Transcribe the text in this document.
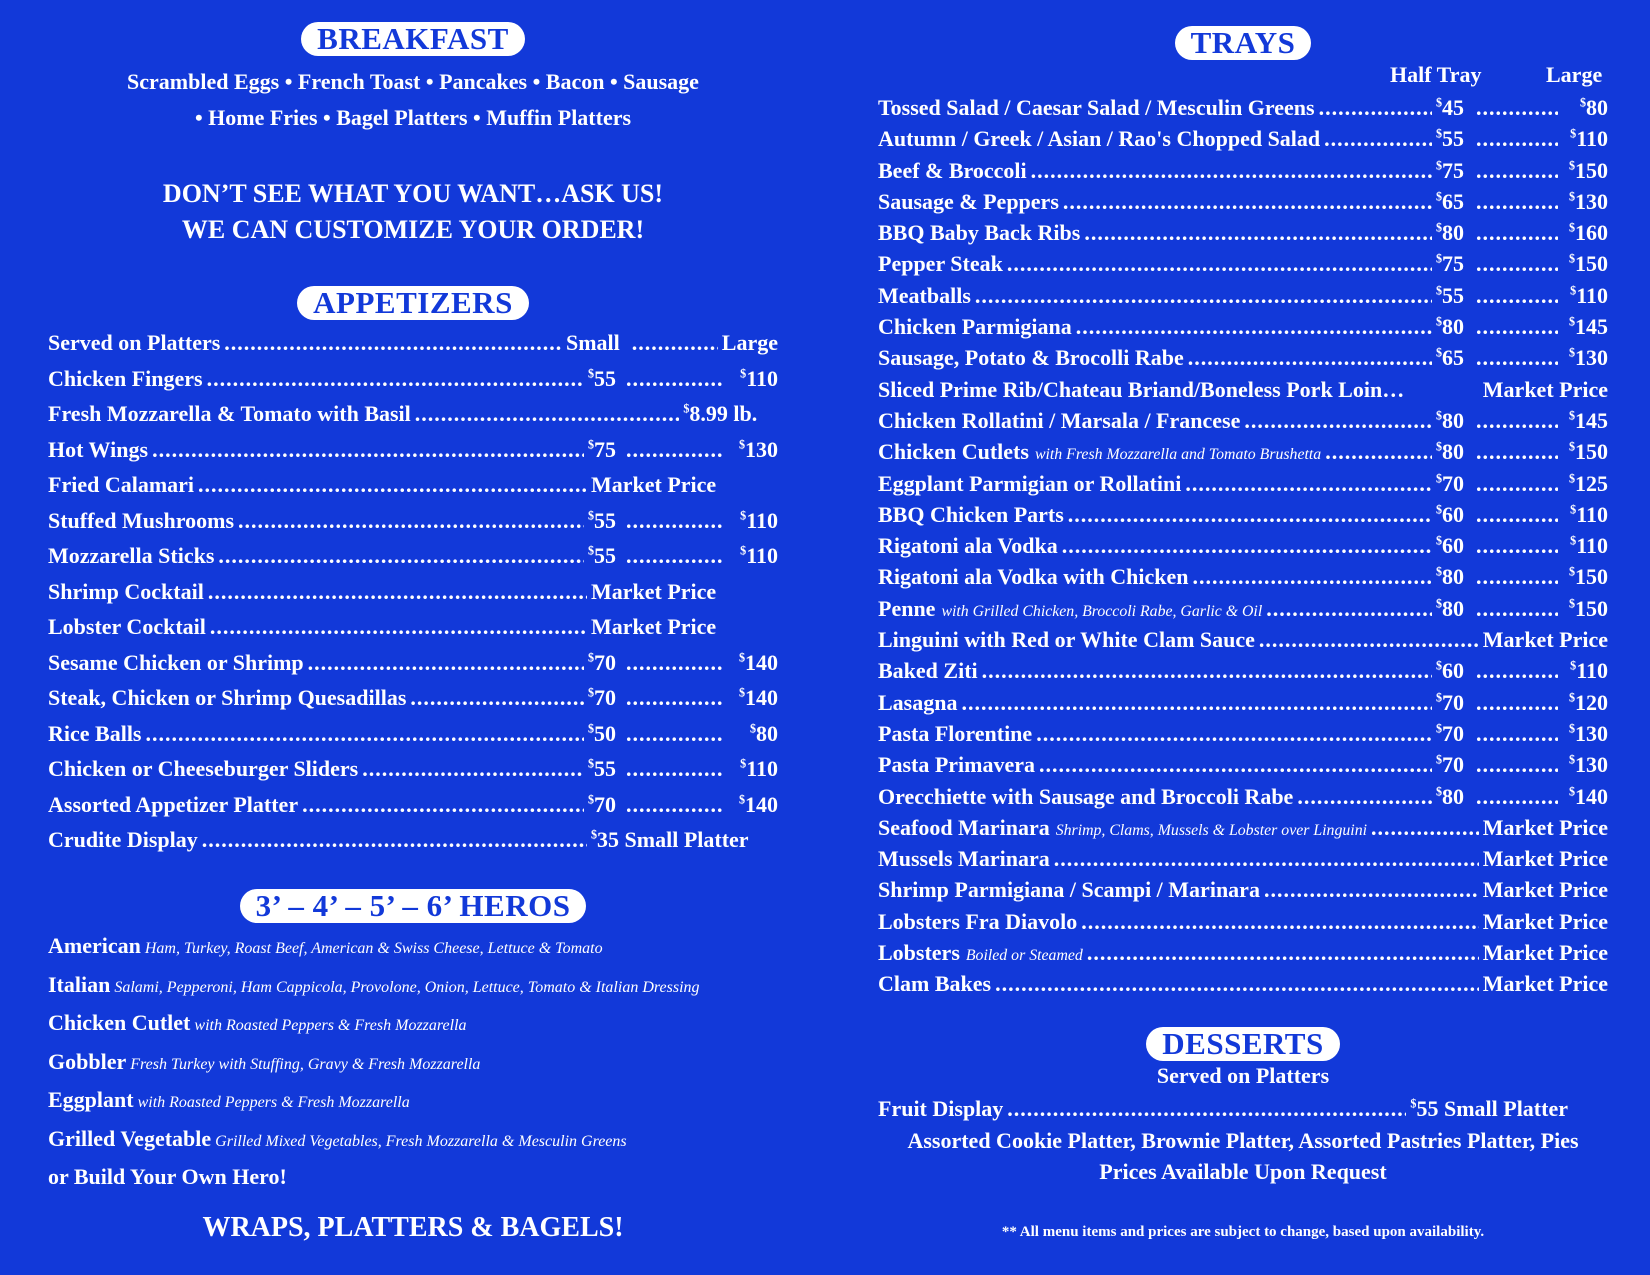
BREAKFAST
Scrambled Eggs • French Toast • Pancakes • Bacon • Sausage
• Home Fries • Bagel Platters • Muffin Platters
DON’T SEE WHAT YOU WANT…ASK US!
WE CAN CUSTOMIZE YOUR ORDER!
APPETIZERS
Served on Platters .....	Small .....	Large
Chicken Fingers .....	$55 .....	$110
Fresh Mozzarella & Tomato with Basil .....	$8.99 lb.
Hot Wings .....	$75 .....	$130
Fried Calamari .....	Market Price
Stuffed Mushrooms .....	$55 .....	$110
Mozzarella Sticks .....	$55 .....	$110
Shrimp Cocktail .....	Market Price
Lobster Cocktail .....	Market Price
Sesame Chicken or Shrimp .....	$70 .....	$140
Steak, Chicken or Shrimp Quesadillas .....	$70 .....	$140
Rice Balls .....	$50 .....	$80
Chicken or Cheeseburger Sliders .....	$55 .....	$110
Assorted Appetizer Platter .....	$70 .....	$140
Crudite Display .....	$35 Small Platter
3’ – 4’ – 5’ – 6’ HEROS
American Ham, Turkey, Roast Beef, American & Swiss Cheese, Lettuce & Tomato
Italian Salami, Pepperoni, Ham Cappicola, Provolone, Onion, Lettuce, Tomato & Italian Dressing
Chicken Cutlet with Roasted Peppers & Fresh Mozzarella
Gobbler Fresh Turkey with Stuffing, Gravy & Fresh Mozzarella
Eggplant with Roasted Peppers & Fresh Mozzarella
Grilled Vegetable Grilled Mixed Vegetables, Fresh Mozzarella & Mesculin Greens
or Build Your Own Hero!
WRAPS, PLATTERS & BAGELS!
TRAYS
Half Tray	Large
Tossed Salad / Caesar Salad / Mesculin Greens .....	$45 .....	$80
Autumn / Greek / Asian / Rao's Chopped Salad .....	$55 .....	$110
Beef & Broccoli .....	$75 .....	$150
Sausage & Peppers .....	$65 .....	$130
BBQ Baby Back Ribs .....	$80 .....	$160
Pepper Steak .....	$75 .....	$150
Meatballs .....	$55 .....	$110
Chicken Parmigiana .....	$80 .....	$145
Sausage, Potato & Brocolli Rabe .....	$65 .....	$130
Sliced Prime Rib/Chateau Briand/Boneless Pork Loin …	Market Price
Chicken Rollatini / Marsala / Francese .....	$80 .....	$145
Chicken Cutlets with Fresh Mozzarella and Tomato Brushetta .....	$80 .....	$150
Eggplant Parmigian or Rollatini .....	$70 .....	$125
BBQ Chicken Parts .....	$60 .....	$110
Rigatoni ala Vodka .....	$60 .....	$110
Rigatoni ala Vodka with Chicken .....	$80 .....	$150
Penne with Grilled Chicken, Broccoli Rabe, Garlic & Oil .....	$80 .....	$150
Linguini with Red or White Clam Sauce .....	Market Price
Baked Ziti .....	$60 .....	$110
Lasagna .....	$70 .....	$120
Pasta Florentine .....	$70 .....	$130
Pasta Primavera .....	$70 .....	$130
Orecchiette with Sausage and Broccoli Rabe .....	$80 .....	$140
Seafood Marinara Shrimp, Clams, Mussels & Lobster over Linguini .....	Market Price
Mussels Marinara .....	Market Price
Shrimp Parmigiana / Scampi / Marinara .....	Market Price
Lobsters Fra Diavolo .....	Market Price
Lobsters Boiled or Steamed .....	Market Price
Clam Bakes .....	Market Price
DESSERTS
Served on Platters
Fruit Display .....	$55 Small Platter
Assorted Cookie Platter, Brownie Platter, Assorted Pastries Platter, Pies
Prices Available Upon Request
** All menu items and prices are subject to change, based upon availability.
